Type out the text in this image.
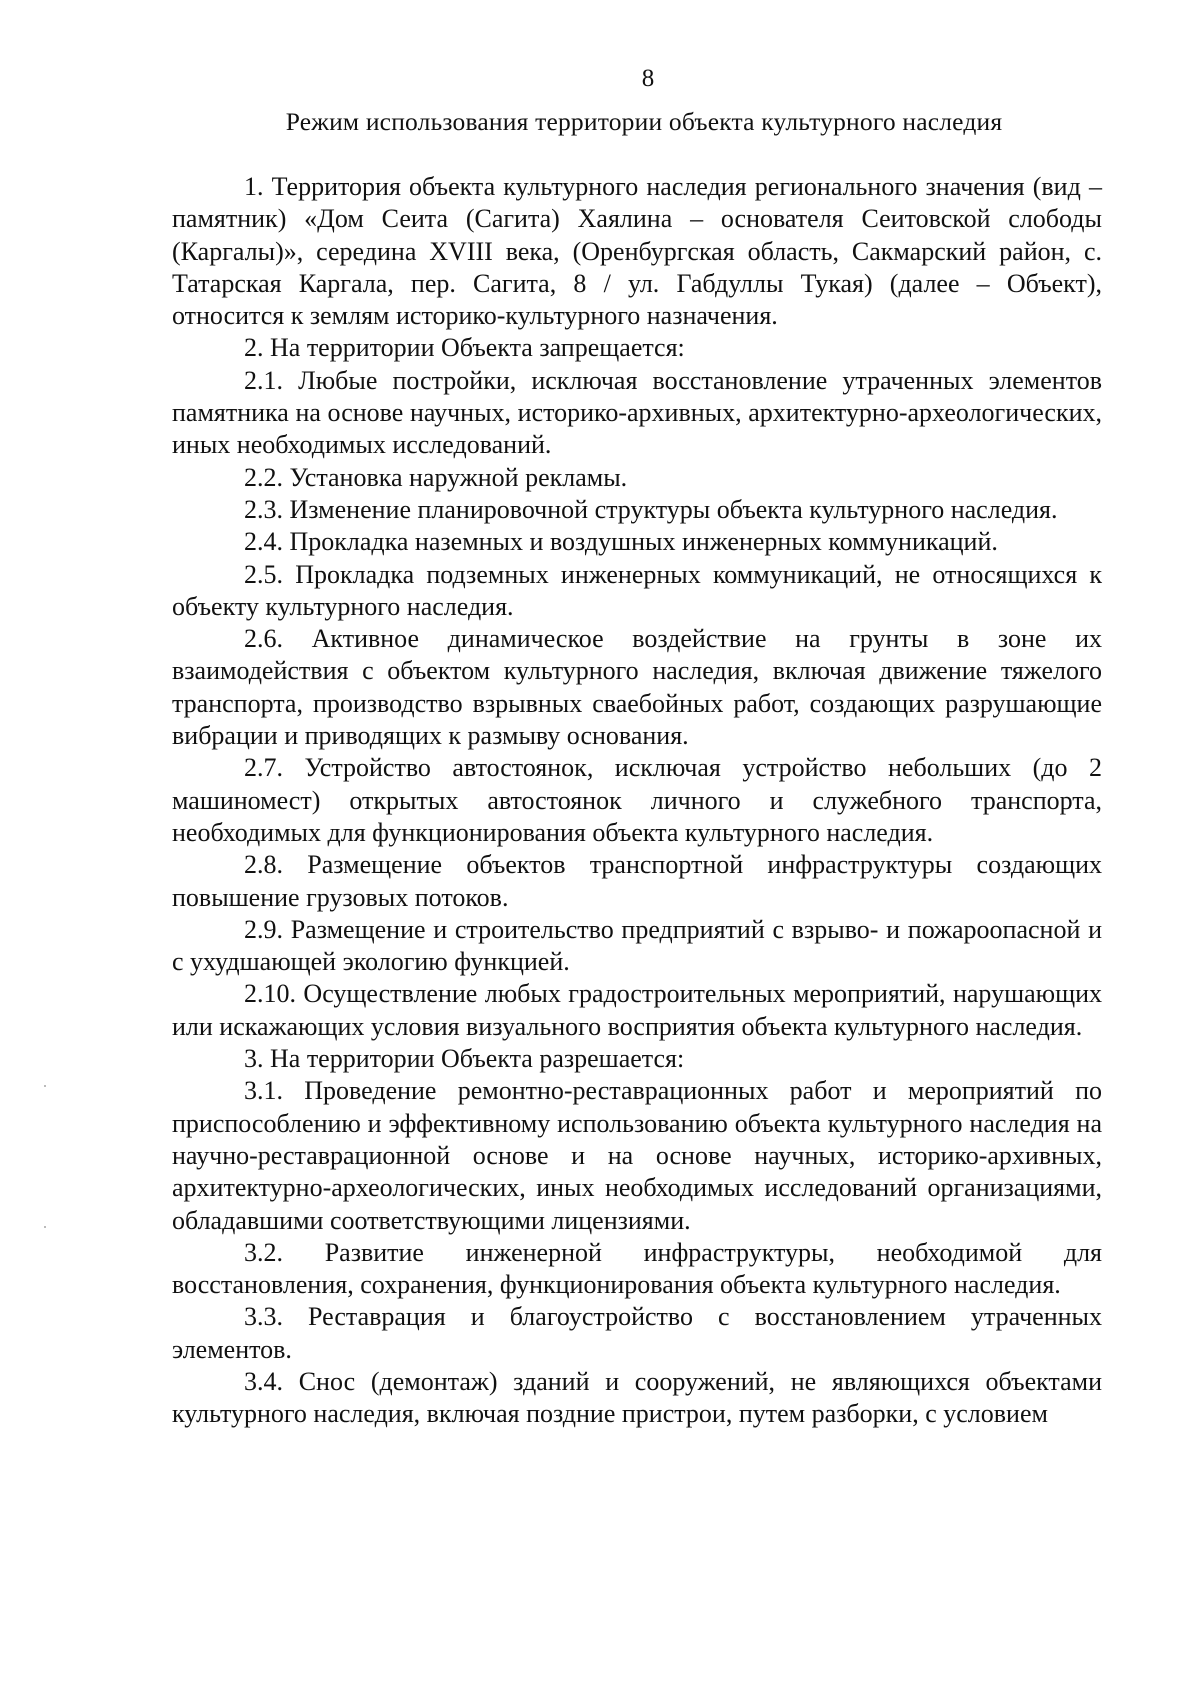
8
Режим использования территории объекта культурного наследия

1. Территория объекта культурного наследия регионального значения (вид – памятник) «Дом Сеита (Сагита) Хаялина – основателя Сеитовской слободы (Каргалы)», середина XVIII века, (Оренбургская область, Сакмарский район, с. Татарская Каргала, пер. Сагита, 8 / ул. Габдуллы Тукая) (далее – Объект), относится к землям историко-культурного назначения.

2. На территории Объекта запрещается:

2.1. Любые постройки, исключая восстановление утраченных элементов памятника на основе научных, историко-архивных, архитектурно-археологических, иных необходимых исследований.

2.2. Установка наружной рекламы.

2.3. Изменение планировочной структуры объекта культурного наследия.

2.4. Прокладка наземных и воздушных инженерных коммуникаций.

2.5. Прокладка подземных инженерных коммуникаций, не относящихся к объекту культурного наследия.

2.6. Активное динамическое воздействие на грунты в зоне их взаимодействия с объектом культурного наследия, включая движение тяжелого транспорта, производство взрывных сваебойных работ, создающих разрушающие вибрации и приводящих к размыву основания.

2.7. Устройство автостоянок, исключая устройство небольших (до 2 машиномест) открытых автостоянок личного и служебного транспорта, необходимых для функционирования объекта культурного наследия.

2.8. Размещение объектов транспортной инфраструктуры создающих повышение грузовых потоков.

2.9. Размещение и строительство предприятий с взрыво- и пожароопасной и с ухудшающей экологию функцией.

2.10. Осуществление любых градостроительных мероприятий, нарушающих или искажающих условия визуального восприятия объекта культурного наследия.

3. На территории Объекта разрешается:

3.1. Проведение ремонтно-реставрационных работ и мероприятий по приспособлению и эффективному использованию объекта культурного наследия на научно-реставрационной основе и на основе научных, историко-архивных, архитектурно-археологических, иных необходимых исследований организациями, обладавшими соответствующими лицензиями.

3.2. Развитие инженерной инфраструктуры, необходимой для восстановления, сохранения, функционирования объекта культурного наследия.

3.3. Реставрация и благоустройство с восстановлением утраченных элементов.

3.4. Снос (демонтаж) зданий и сооружений, не являющихся объектами культурного наследия, включая поздние пристрои, путем разборки, с условием
